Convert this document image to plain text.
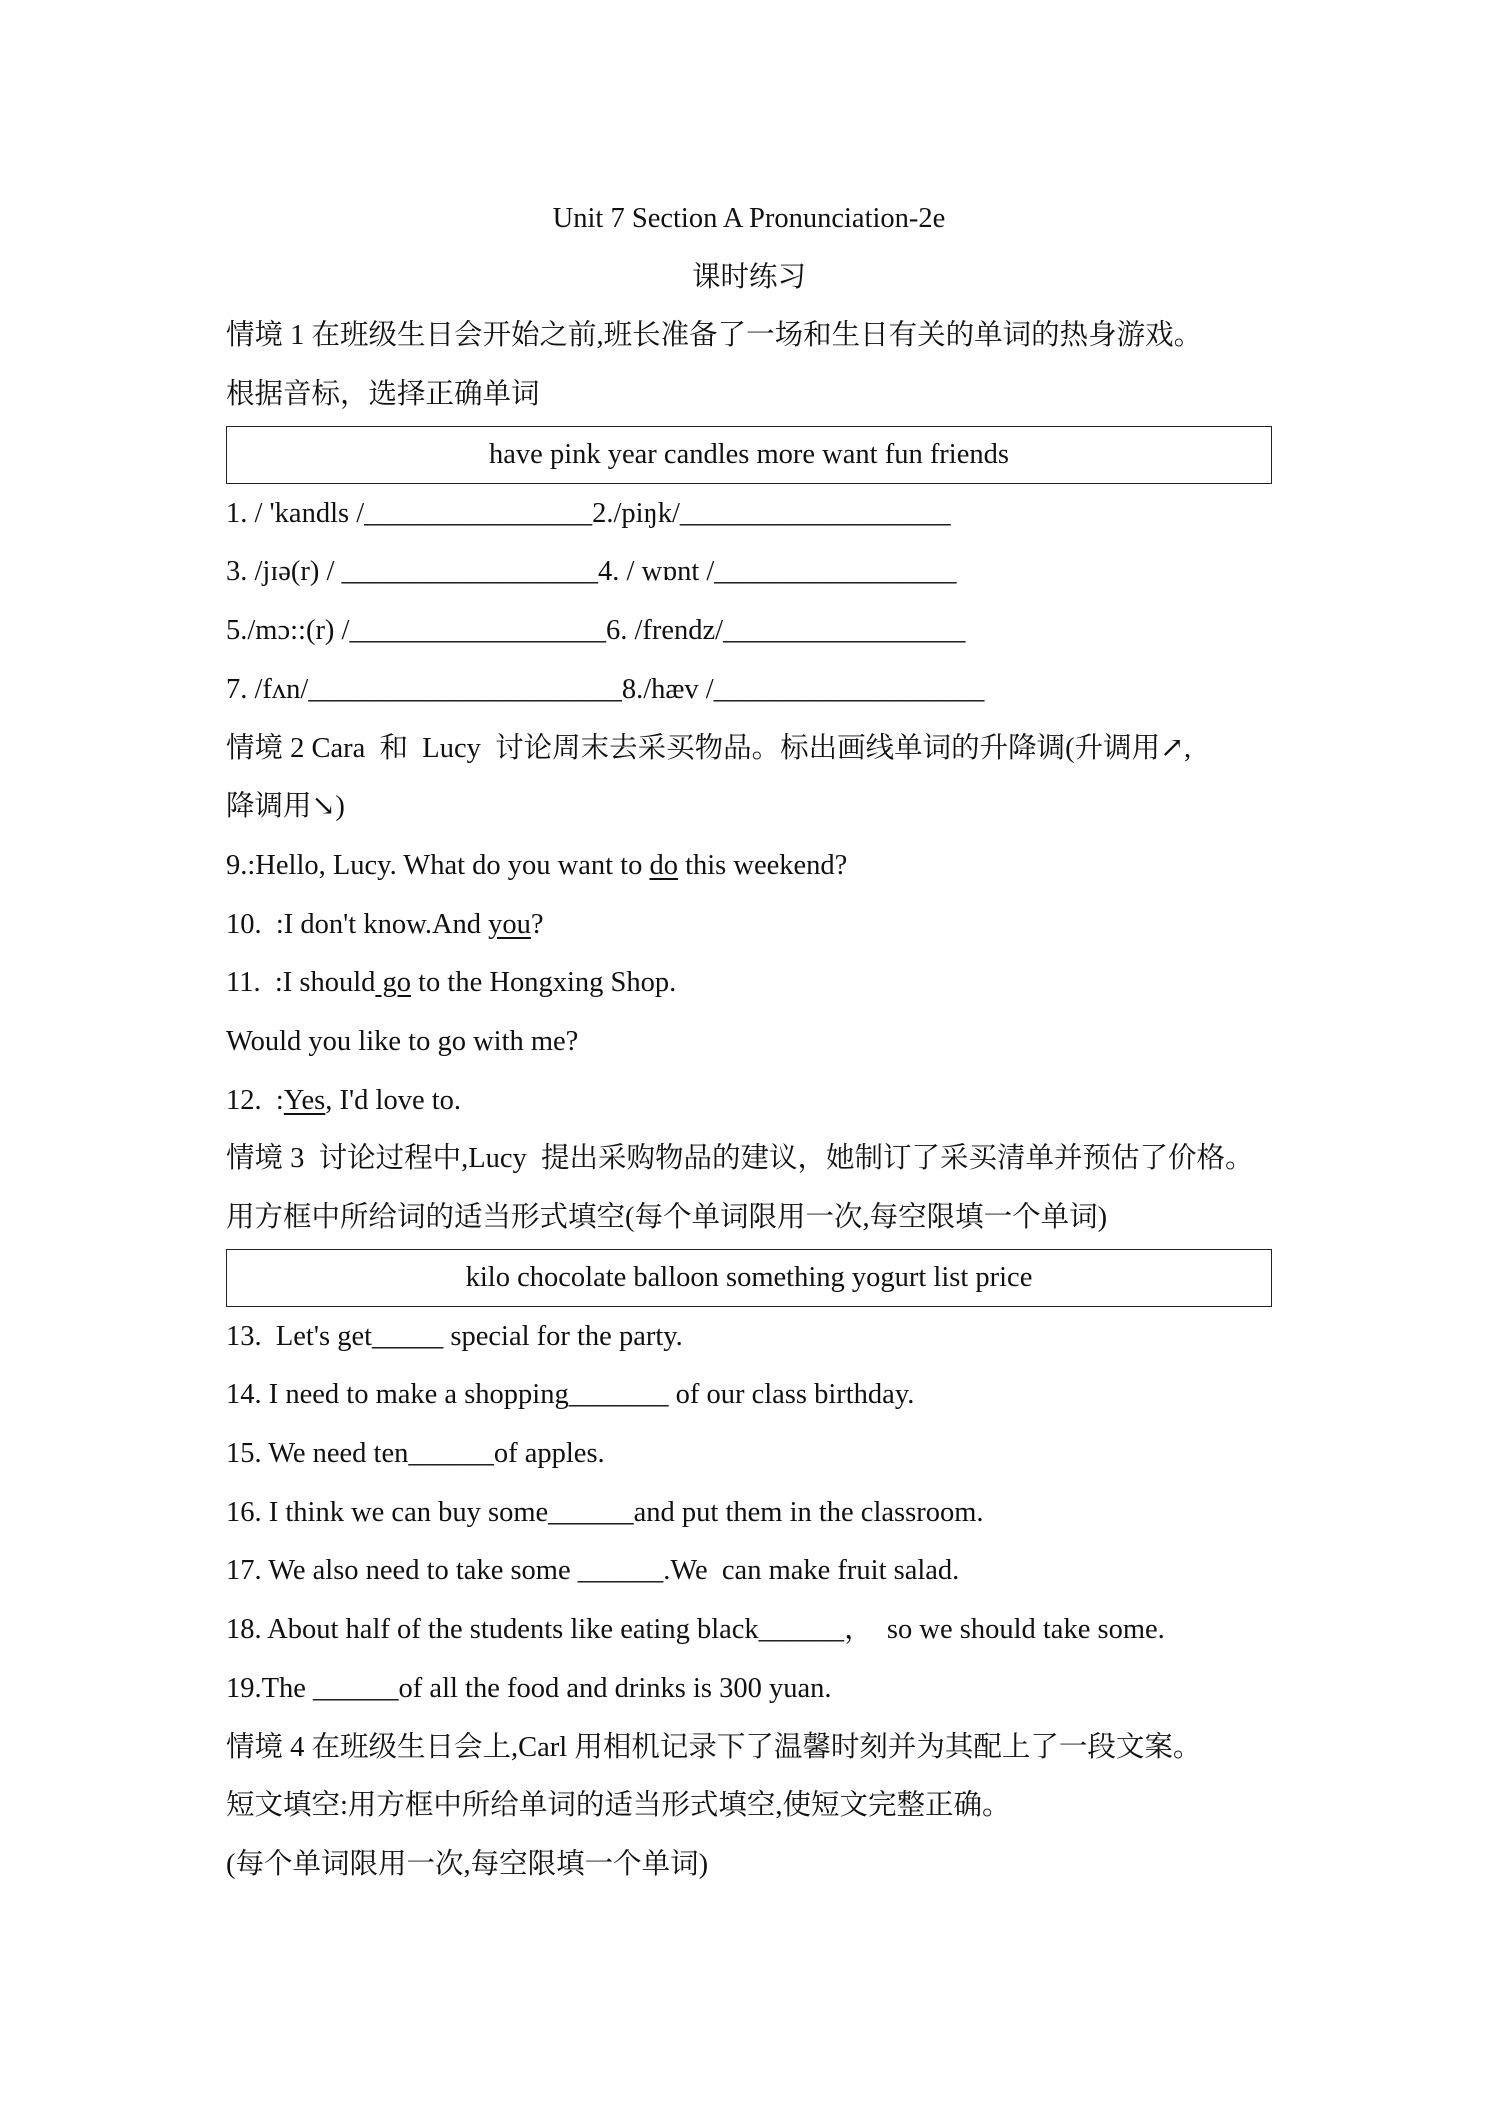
Unit 7 Section A Pronunciation-2e
课时练习
情境 1 在班级生日会开始之前,班长准备了一场和生日有关的单词的热身游戏。
根据音标，选择正确单词
have pink year candles more want fun friends
1. / 'kandls /________________2./piŋk/___________________
3. /jɪə(r) / __________________4. / wɒnt /_________________
5./mɔ::(r) /__________________6. /frendz/_________________
7. /fʌn/______________________8./hæv /___________________
情境 2 Cara  和  Lucy  讨论周末去采买物品。标出画线单词的升降调(升调用↗,
降调用↘)
9.:Hello, Lucy. What do you want to do this weekend?
10.  :I don't know.And you?
11.  :I should go to the Hongxing Shop.
Would you like to go with me?
12.  :Yes, I'd love to.
情境 3  讨论过程中,Lucy  提出采购物品的建议，她制订了采买清单并预估了价格。
用方框中所给词的适当形式填空(每个单词限用一次,每空限填一个单词)
kilo chocolate balloon something yogurt list price
13.  Let's get_____ special for the party.
14. I need to make a shopping_______ of our class birthday.
15. We need ten______of apples.
16. I think we can buy some______and put them in the classroom.
17. We also need to take some ______.We  can make fruit salad.
18. About half of the students like eating black______，  so we should take some.
19.The ______of all the food and drinks is 300 yuan.
情境 4 在班级生日会上,Carl 用相机记录下了温馨时刻并为其配上了一段文案。
短文填空:用方框中所给单词的适当形式填空,使短文完整正确。
(每个单词限用一次,每空限填一个单词)
